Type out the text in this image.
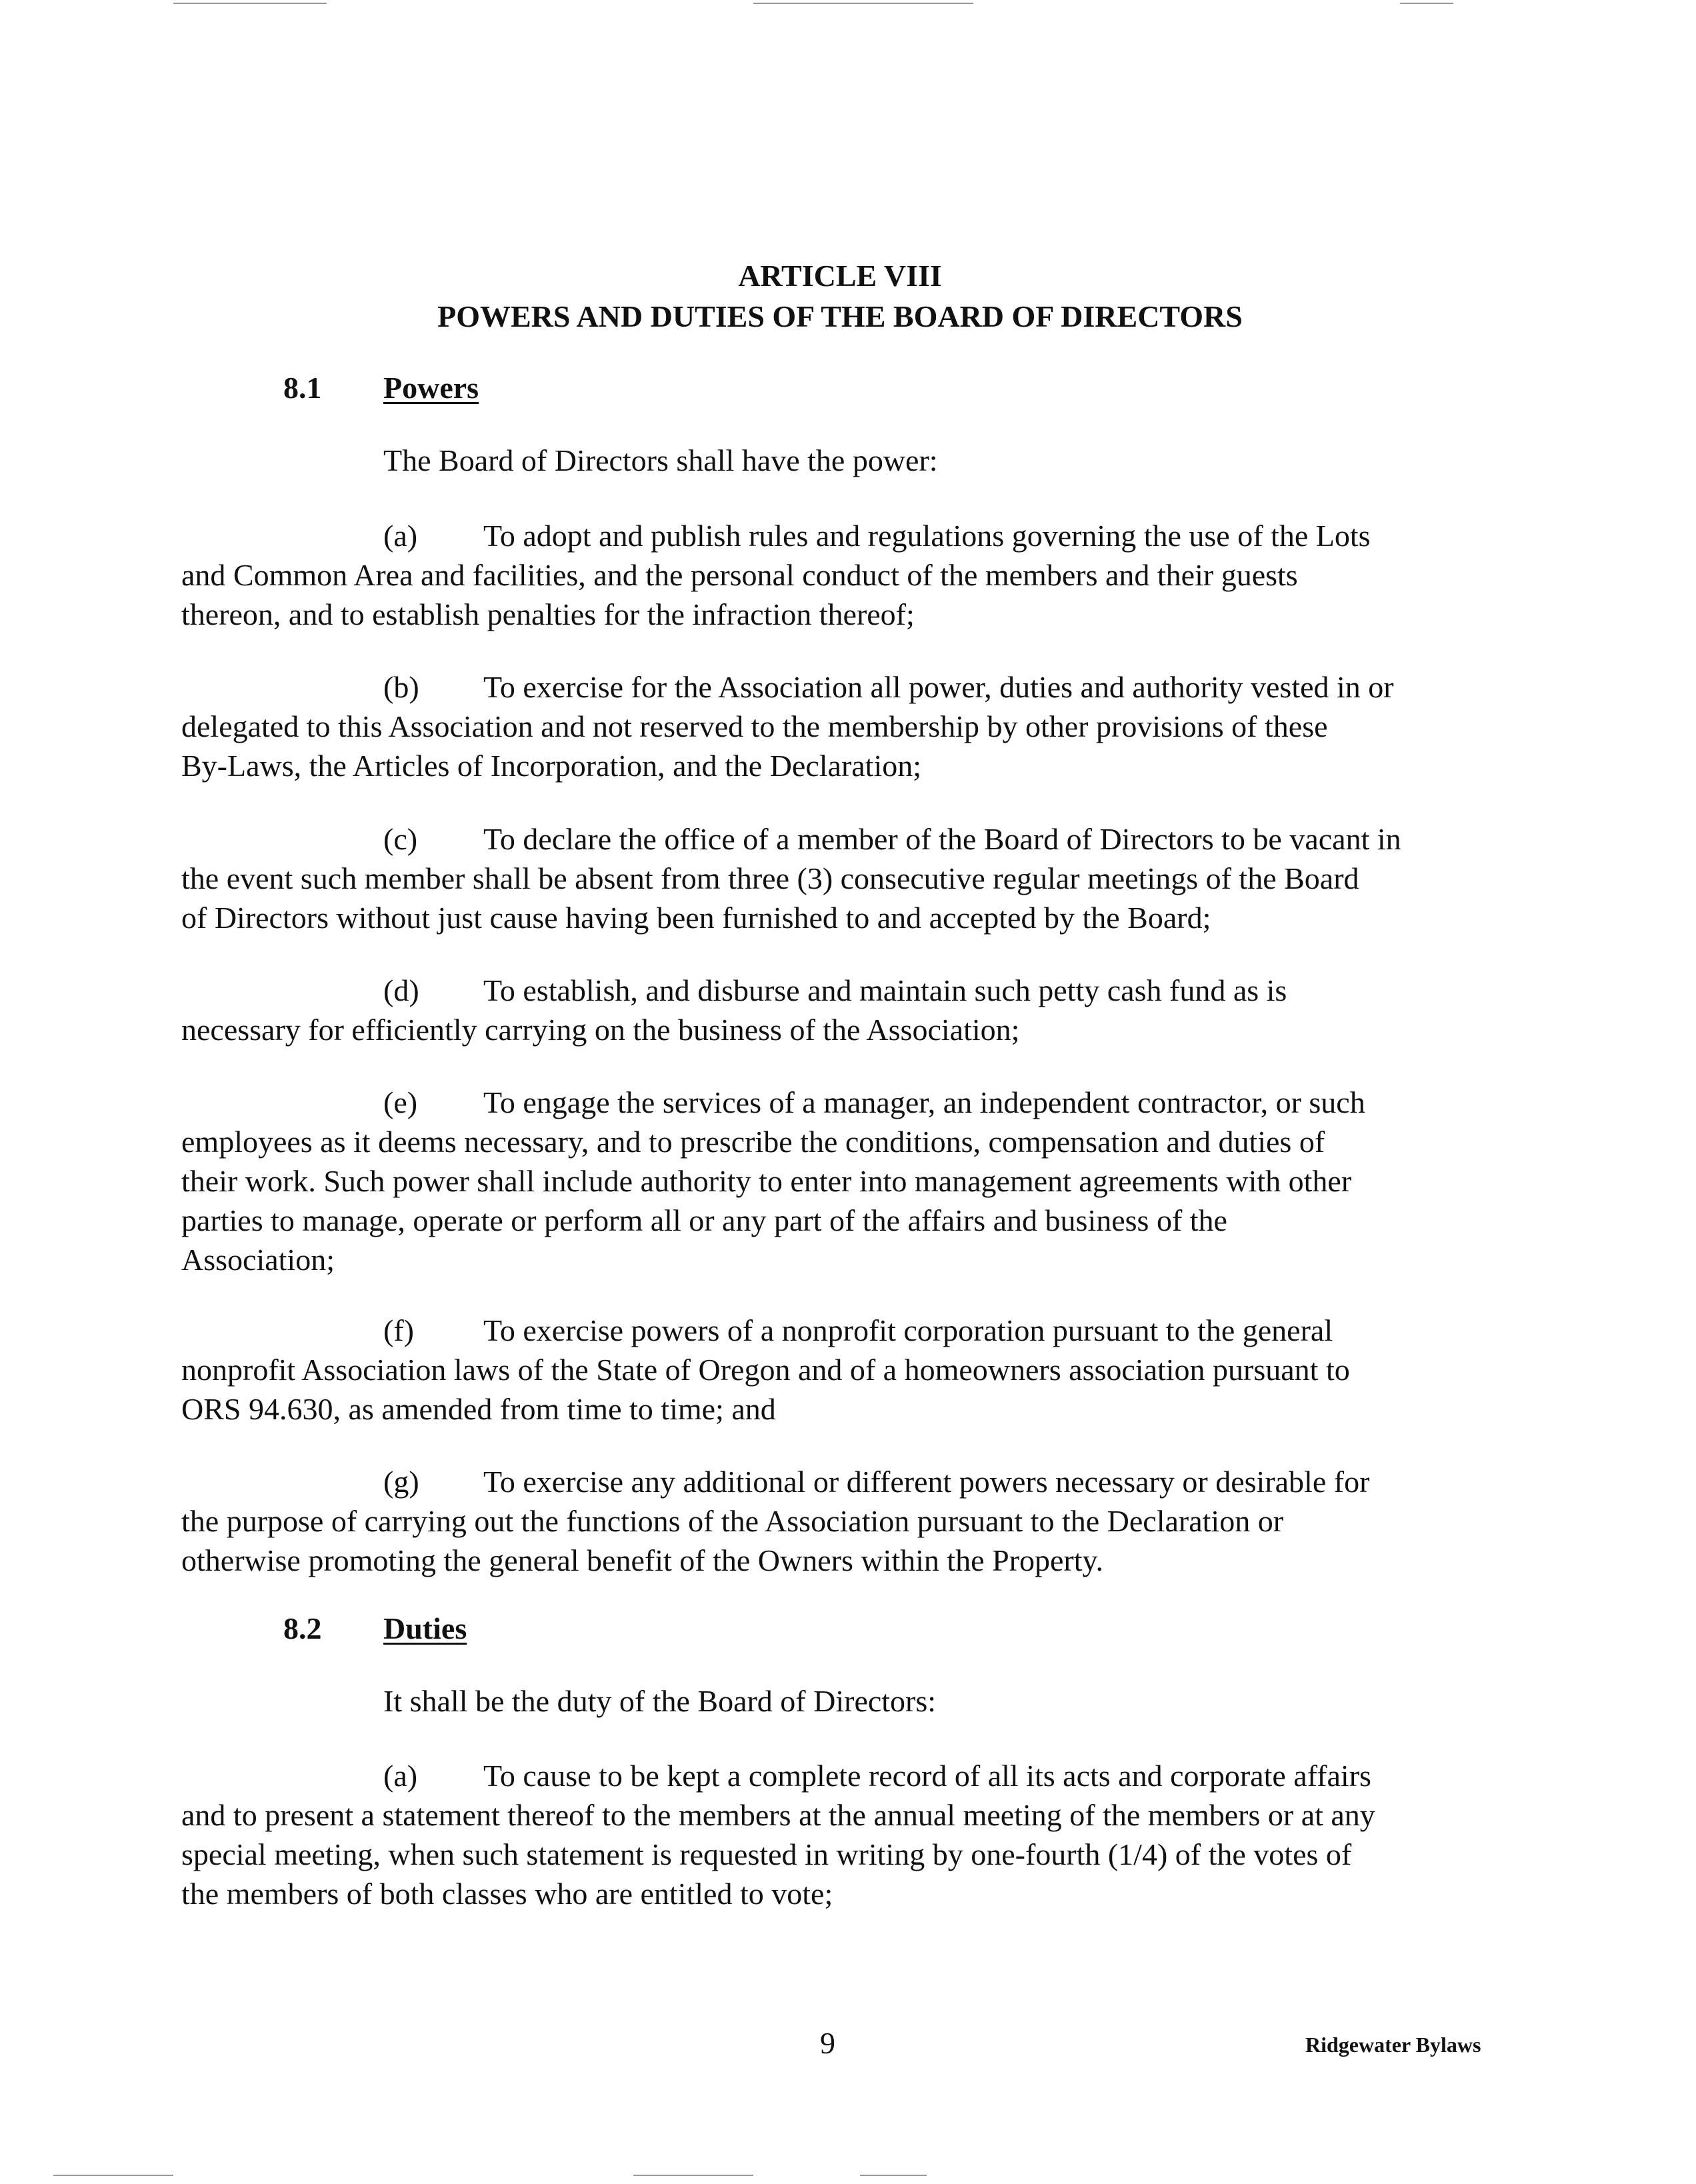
ARTICLE VIII
POWERS AND DUTIES OF THE BOARD OF DIRECTORS
8.1 Powers
The Board of Directors shall have the power:
(a) To adopt and publish rules and regulations governing the use of the Lots
and Common Area and facilities, and the personal conduct of the members and their guests
thereon, and to establish penalties for the infraction thereof;
(b) To exercise for the Association all power, duties and authority vested in or
delegated to this Association and not reserved to the membership by other provisions of these
By-Laws, the Articles of Incorporation, and the Declaration;
(c) To declare the office of a member of the Board of Directors to be vacant in
the event such member shall be absent from three (3) consecutive regular meetings of the Board
of Directors without just cause having been furnished to and accepted by the Board;
(d) To establish, and disburse and maintain such petty cash fund as is
necessary for efficiently carrying on the business of the Association;
(e) To engage the services of a manager, an independent contractor, or such
employees as it deems necessary, and to prescribe the conditions, compensation and duties of
their work. Such power shall include authority to enter into management agreements with other
parties to manage, operate or perform all or any part of the affairs and business of the
Association;
(f) To exercise powers of a nonprofit corporation pursuant to the general
nonprofit Association laws of the State of Oregon and of a homeowners association pursuant to
ORS 94.630, as amended from time to time; and
(g) To exercise any additional or different powers necessary or desirable for
the purpose of carrying out the functions of the Association pursuant to the Declaration or
otherwise promoting the general benefit of the Owners within the Property.
8.2 Duties
It shall be the duty of the Board of Directors:
(a) To cause to be kept a complete record of all its acts and corporate affairs
and to present a statement thereof to the members at the annual meeting of the members or at any
special meeting, when such statement is requested in writing by one-fourth (1/4) of the votes of
the members of both classes who are entitled to vote;
9	Ridgewater Bylaws
